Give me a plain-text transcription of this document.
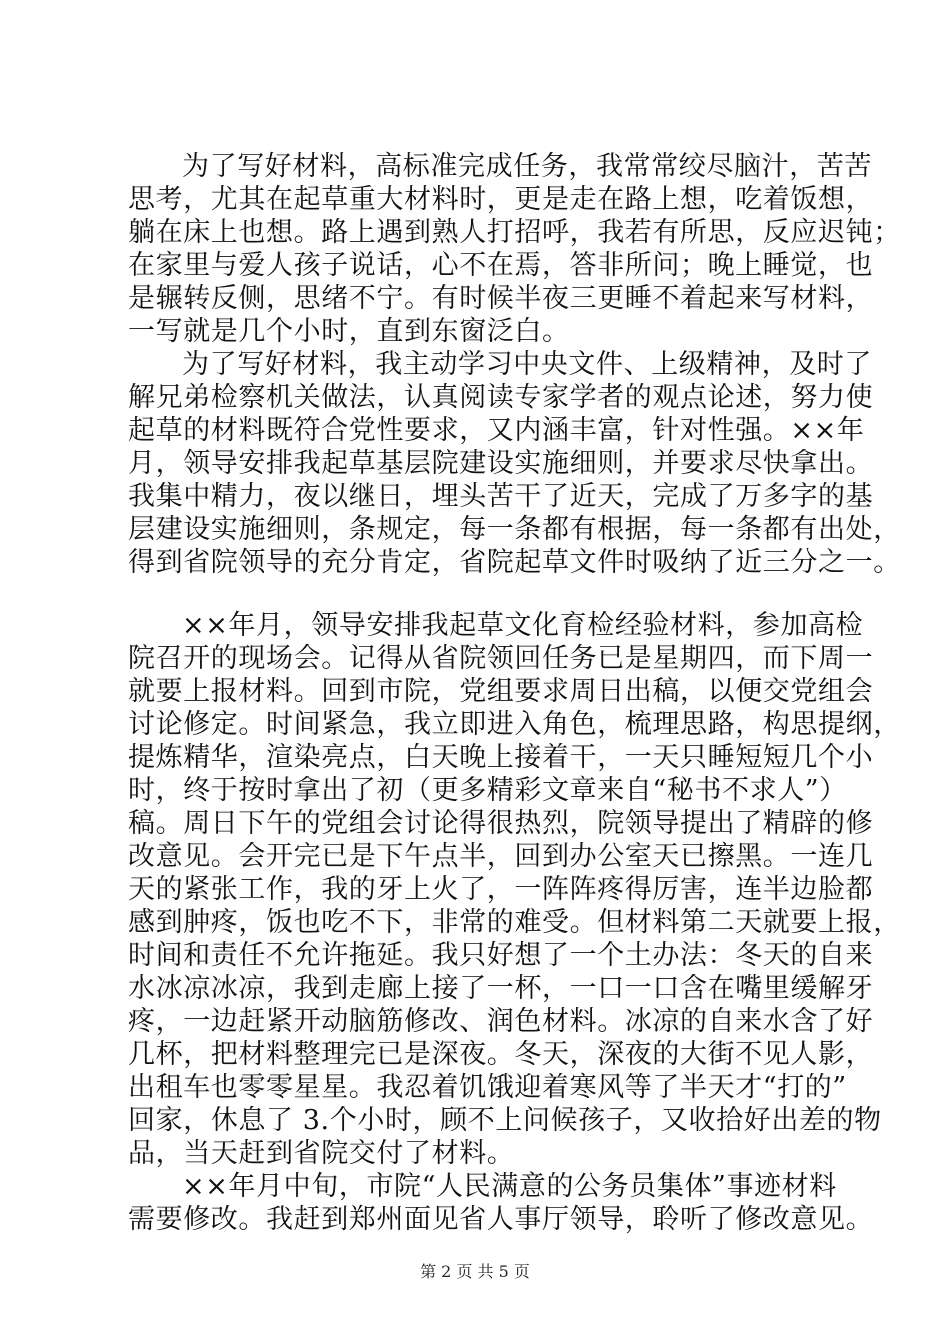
为了写好材料，高标准完成任务，我常常绞尽脑汁，苦苦
思考，尤其在起草重大材料时，更是走在路上想，吃着饭想，
躺在床上也想。路上遇到熟人打招呼，我若有所思，反应迟钝；
在家里与爱人孩子说话，心不在焉，答非所问；晚上睡觉，也
是辗转反侧，思绪不宁。有时候半夜三更睡不着起来写材料，
一写就是几个小时，直到东窗泛白。
为了写好材料，我主动学习中央文件、上级精神，及时了
解兄弟检察机关做法，认真阅读专家学者的观点论述，努力使
起草的材料既符合党性要求，又内涵丰富，针对性强。××年
月，领导安排我起草基层院建设实施细则，并要求尽快拿出。
我集中精力，夜以继日，埋头苦干了近天，完成了万多字的基
层建设实施细则，条规定，每一条都有根据，每一条都有出处，
得到省院领导的充分肯定，省院起草文件时吸纳了近三分之一。
××年月，领导安排我起草文化育检经验材料，参加高检
院召开的现场会。记得从省院领回任务已是星期四，而下周一
就要上报材料。回到市院，党组要求周日出稿，以便交党组会
讨论修定。时间紧急，我立即进入角色，梳理思路，构思提纲，
提炼精华，渲染亮点，白天晚上接着干，一天只睡短短几个小
时，终于按时拿出了初（更多精彩文章来自“秘书不求人”）
稿。周日下午的党组会讨论得很热烈，院领导提出了精辟的修
改意见。会开完已是下午点半，回到办公室天已擦黑。一连几
天的紧张工作，我的牙上火了，一阵阵疼得厉害，连半边脸都
感到肿疼，饭也吃不下，非常的难受。但材料第二天就要上报，
时间和责任不允许拖延。我只好想了一个土办法：冬天的自来
水冰凉冰凉，我到走廊上接了一杯，一口一口含在嘴里缓解牙
疼，一边赶紧开动脑筋修改、润色材料。冰凉的自来水含了好
几杯，把材料整理完已是深夜。冬天，深夜的大街不见人影，
出租车也零零星星。我忍着饥饿迎着寒风等了半天才“打的”
回家，休息了 3.个小时，顾不上问候孩子，又收拾好出差的物
品，当天赶到省院交付了材料。
××年月中旬，市院“人民满意的公务员集体”事迹材料
需要修改。我赶到郑州面见省人事厅领导，聆听了修改意见。
第 2 页 共 5 页
